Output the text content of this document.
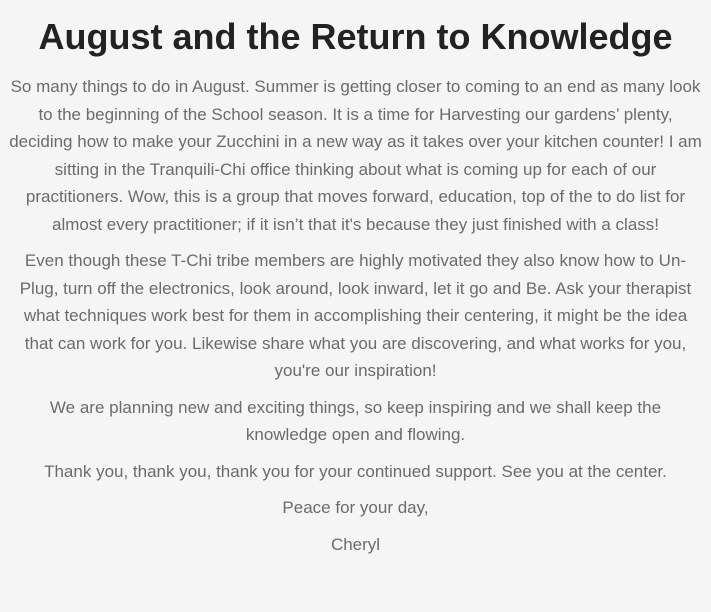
August and the Return to Knowledge

So many things to do in August. Summer is getting closer to coming to an end as many look to the beginning of the School season. It is a time for Harvesting our gardens’ plenty, deciding how to make your Zucchini in a new way as it takes over your kitchen counter! I am sitting in the Tranquili-Chi office thinking about what is coming up for each of our practitioners. Wow, this is a group that moves forward, education, top of the to do list for almost every practitioner; if it isn’t that it's because they just finished with a class!

Even though these T-Chi tribe members are highly motivated they also know how to Un-Plug, turn off the electronics, look around, look inward, let it go and Be. Ask your therapist what techniques work best for them in accomplishing their centering, it might be the idea that can work for you. Likewise share what you are discovering, and what works for you, you're our inspiration!

We are planning new and exciting things, so keep inspiring and we shall keep the knowledge open and flowing.

Thank you, thank you, thank you for your continued support. See you at the center.

Peace for your day,

Cheryl
